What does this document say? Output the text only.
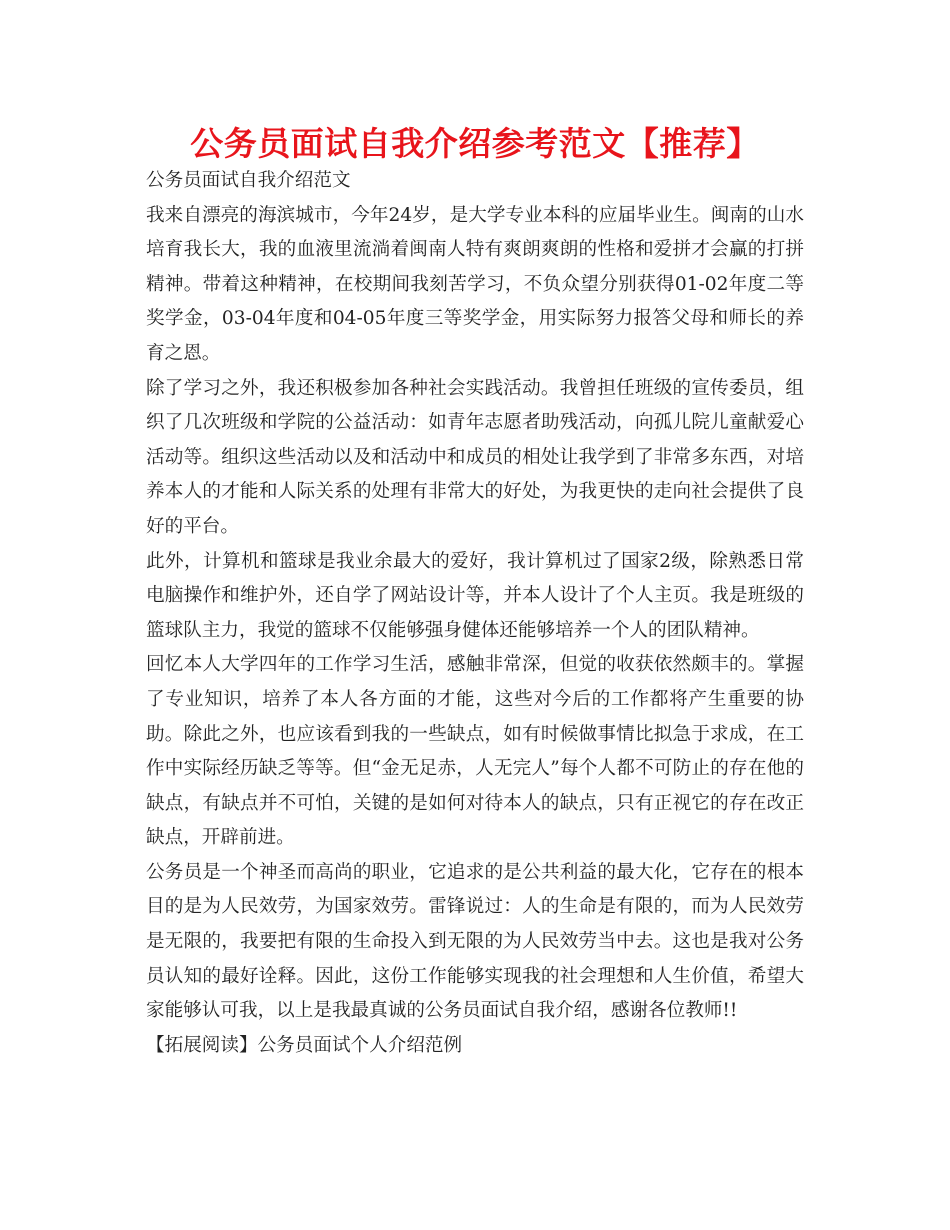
公务员面试自我介绍参考范文【推荐】

公务员面试自我介绍范文

我来自漂亮的海滨城市，今年24岁，是大学专业本科的应届毕业生。闽南的山水培育我长大，我的血液里流淌着闽南人特有爽朗爽朗的性格和爱拼才会赢的打拼精神。带着这种精神，在校期间我刻苦学习，不负众望分别获得01-02年度二等奖学金，03-04年度和04-05年度三等奖学金，用实际努力报答父母和师长的养育之恩。

除了学习之外，我还积极参加各种社会实践活动。我曾担任班级的宣传委员，组织了几次班级和学院的公益活动：如青年志愿者助残活动，向孤儿院儿童献爱心活动等。组织这些活动以及和活动中和成员的相处让我学到了非常多东西，对培养本人的才能和人际关系的处理有非常大的好处，为我更快的走向社会提供了良好的平台。

此外，计算机和篮球是我业余最大的爱好，我计算机过了国家2级，除熟悉日常电脑操作和维护外，还自学了网站设计等，并本人设计了个人主页。我是班级的篮球队主力，我觉的篮球不仅能够强身健体还能够培养一个人的团队精神。

回忆本人大学四年的工作学习生活，感触非常深，但觉的收获依然颇丰的。掌握了专业知识，培养了本人各方面的才能，这些对今后的工作都将产生重要的协助。除此之外，也应该看到我的一些缺点，如有时候做事情比拟急于求成，在工作中实际经历缺乏等等。但“金无足赤，人无完人”每个人都不可防止的存在他的缺点，有缺点并不可怕，关键的是如何对待本人的缺点，只有正视它的存在改正缺点，开辟前进。

公务员是一个神圣而高尚的职业，它追求的是公共利益的最大化，它存在的根本目的是为人民效劳，为国家效劳。雷锋说过：人的生命是有限的，而为人民效劳是无限的，我要把有限的生命投入到无限的为人民效劳当中去。这也是我对公务员认知的最好诠释。因此，这份工作能够实现我的社会理想和人生价值，希望大家能够认可我，以上是我最真诚的公务员面试自我介绍，感谢各位教师!!

【拓展阅读】公务员面试个人介绍范例
